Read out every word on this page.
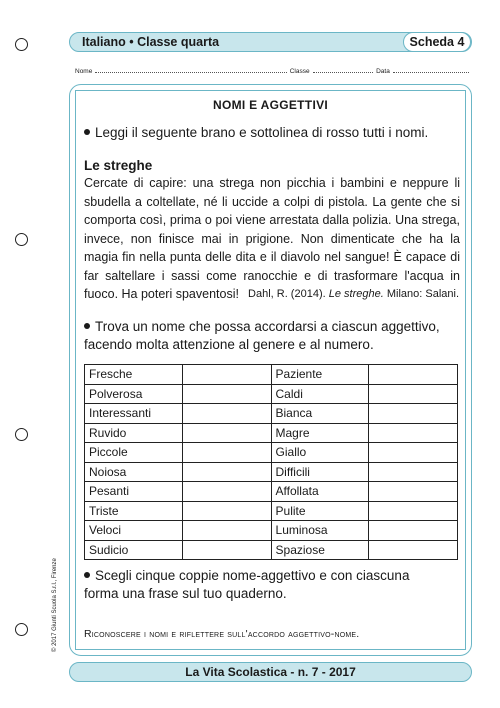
Italiano • Classe quarta	Scheda 4
Nome	Classe	Data
NOMI E AGGETTIVI
Leggi il seguente brano e sottolinea di rosso tutti i nomi.
Le streghe
Cercate di capire: una strega non picchia i bambini e neppure li sbudella a coltellate, né li uccide a colpi di pistola. La gente che si comporta così, prima o poi viene arrestata dalla polizia. Una strega, invece, non finisce mai in prigione. Non dimenticate che ha la magia fin nella punta delle dita e il diavolo nel sangue! È capace di far saltellare i sassi come ranocchie e di trasformare l'acqua in fuoco. Ha poteri spaventosi! Dahl, R. (2014). Le streghe. Milano: Salani.
Trova un nome che possa accordarsi a ciascun aggettivo, facendo molta attenzione al genere e al numero.
Fresche		Paziente	
Polverosa		Caldi	
Interessanti		Bianca	
Ruvido		Magre	
Piccole		Giallo	
Noiosa		Difficili	
Pesanti		Affollata	
Triste		Pulite	
Veloci		Luminosa	
Sudicio		Spaziose	
Scegli cinque coppie nome-aggettivo e con ciascuna forma una frase sul tuo quaderno.
Riconoscere i nomi e riflettere sull'accordo aggettivo-nome.
La Vita Scolastica - n. 7 - 2017
© 2017 Giunti Scuola S.r.l., Firenze
